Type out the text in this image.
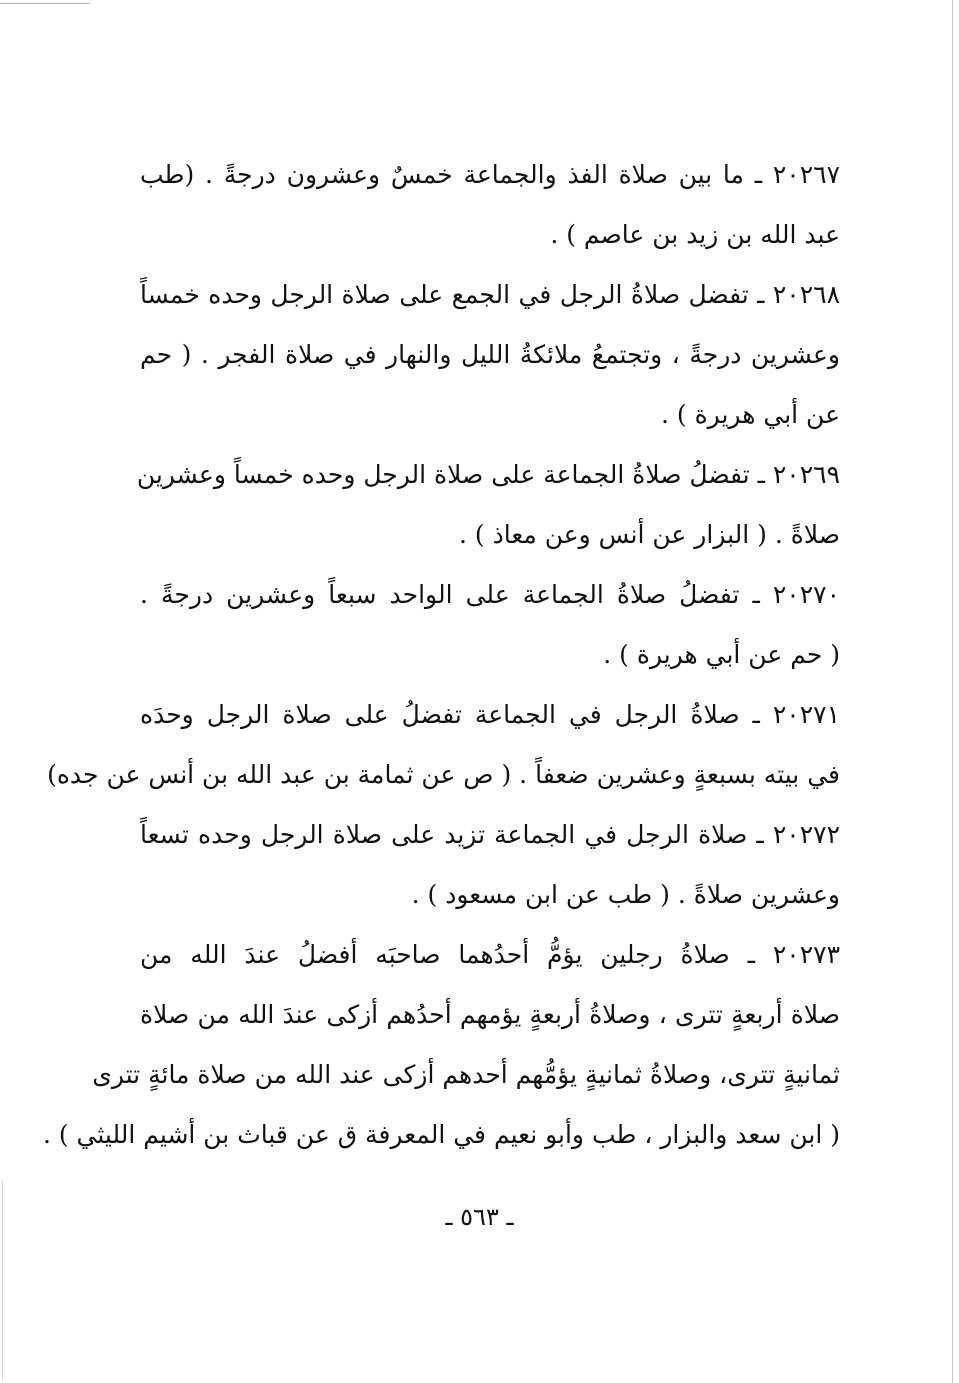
٢٠٢٦٧ ـ ما بين صلاة الفذ والجماعة خمسٌ وعشرون درجةً . (طب
عبد الله بن زيد بن عاصم ) .
٢٠٢٦٨ ـ تفضل صلاةُ الرجل في الجمع على صلاة الرجل وحده خمساً
وعشرين درجةً ، وتجتمعُ ملائكةُ الليل والنهار في صلاة الفجر . ( حم
عن أبي هريرة ) .
٢٠٢٦٩ ـ تفضلُ صلاةُ الجماعة على صلاة الرجل وحده خمساً وعشرين
صلاةً . ( البزار عن أنس وعن معاذ ) .
٢٠٢٧٠ ـ تفضلُ صلاةُ الجماعة على الواحد سبعاً وعشرين درجةً .
( حم عن أبي هريرة ) .
٢٠٢٧١ ـ صلاةُ الرجل في الجماعة تفضلُ على صلاة الرجل وحدَه
في بيته بسبعةٍ وعشرين ضعفاً . ( ص عن ثمامة بن عبد الله بن أنس عن جده)
٢٠٢٧٢ ـ صلاة الرجل في الجماعة تزيد على صلاة الرجل وحده تسعاً
وعشرين صلاةً . ( طب عن ابن مسعود ) .
٢٠٢٧٣ ـ صلاةُ رجلين يؤمُّ أحدُهما صاحبَه أفضلُ عندَ الله من
صلاة أربعةٍ تترى ، وصلاةُ أربعةٍ يؤمهم أحدُهم أزكى عندَ الله من صلاة
ثمانيةٍ تترى، وصلاةُ ثمانيةٍ يؤمُّهم أحدهم أزكى عند الله من صلاة مائةٍ تترى
( ابن سعد والبزار ، طب وأبو نعيم في المعرفة ق عن قباث بن أشيم الليثي ) .
ـ ٥٦٣ ـ
